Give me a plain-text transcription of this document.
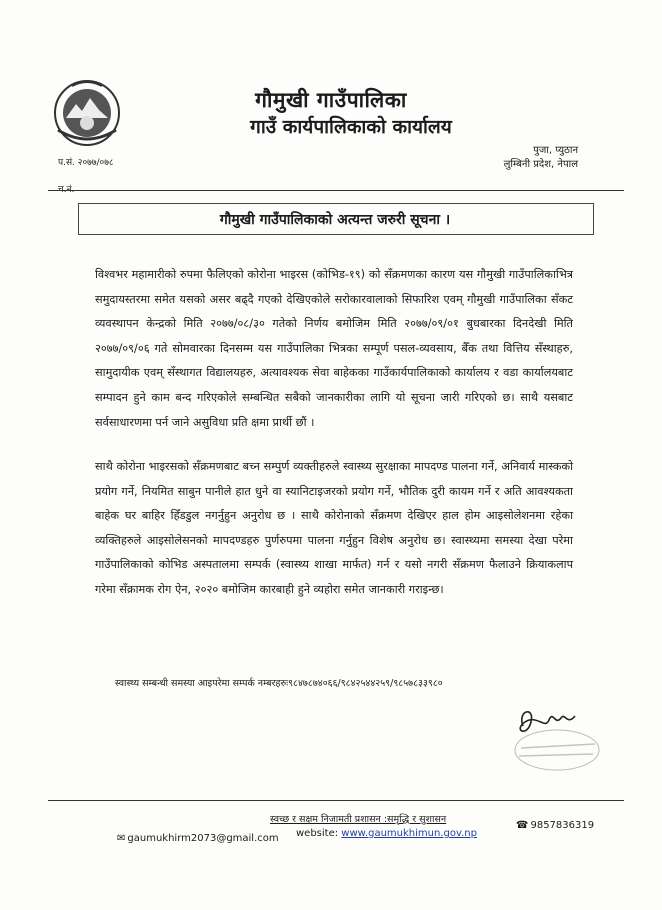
गौमुखी गाउँपालिका
गाउँ कार्यपालिकाको कार्यालय
पुजा, प्युठान
लुम्बिनी प्रदेश, नेपाल
प.सं. २०७७/०७८
च.नं.
गौमुखी गाउँपालिकाको अत्यन्त जरुरी सूचना ।
विश्वभर महामारीको रुपमा फैलिएको कोरोना भाइरस (कोभिड-१९) को सँक्रमणका कारण यस गौमुखी गाउँपालिकाभित्र समुदायस्तरमा समेत यसको असर बढ्दै गएको देखिएकोले सरोकारवालाको सिफारिश एवम् गौमुखी गाउँपालिका सँकट व्यवस्थापन केन्द्रको मिति २०७७/०८/३० गतेको निर्णय बमोजिम मिति २०७७/०९/०१ बुधबारका दिनदेखी मिति २०७७/०९/०६ गते सोमवारका दिनसम्म यस गाउँपालिका भित्रका सम्पूर्ण पसल-व्यवसाय, बैँक तथा वित्तिय सँस्थाहरु, सामुदायीक एवम् सँस्थागत विद्यालयहरु, अत्यावश्यक सेवा बाहेकका गाउँकार्यपालिकाको कार्यालय र वडा कार्यालयबाट सम्पादन हुने काम बन्द गरिएकोले सम्बन्धित सबैको जानकारीका लागि यो सूचना जारी गरिएको छ। साथै यसबाट सर्वसाधारणमा पर्न जाने असुविधा प्रति क्षमा प्रार्थी छौं ।
साथै कोरोना भाइरसको सँक्रमणबाट बच्न सम्पुर्ण व्यक्तीहरुले स्वास्थ्य सुरक्षाका मापदण्ड पालना गर्ने, अनिवार्य मास्कको प्रयोग गर्ने, नियमित साबुन पानीले हात धुने वा स्यानिटाइजरको प्रयोग गर्ने, भौतिक दुरी कायम गर्ने र अति आवश्यकता बाहेक घर बाहिर हिँडडुल नगर्नुहुन अनुरोध छ । साथै कोरोनाको सँक्रमण देखिएर हाल होम आइसोलेशनमा रहेका व्यक्तिहरुले आइसोलेसनको मापदण्डहरु पुर्णरुपमा पालना गर्नुहुन विशेष अनुरोध छ। स्वास्थ्यमा समस्या देखा परेमा गाउँपालिकाको कोभिड अस्पतालमा सम्पर्क (स्वास्थ्य शाखा मार्फत) गर्न र यसो नगरी सँक्रमण फैलाउने क्रियाकलाप गरेमा सँक्रामक रोग ऐन, २०२० बमोजिम कारबाही हुने व्यहोरा समेत जानकारी गराइन्छ।
स्वास्थ्य सम्बन्धी समस्या आइपरेमा सम्पर्क नम्बरहरुः९८४७८७४०६६/९८४२५४४२५९/९८५७८३३९८०
स्वच्छ र सक्षम निजामती प्रशासन :समृद्धि र सुशासन
website: www.gaumukhimun.gov.np
☎ 9857836319
✉ gaumukhirm2073@gmail.com
